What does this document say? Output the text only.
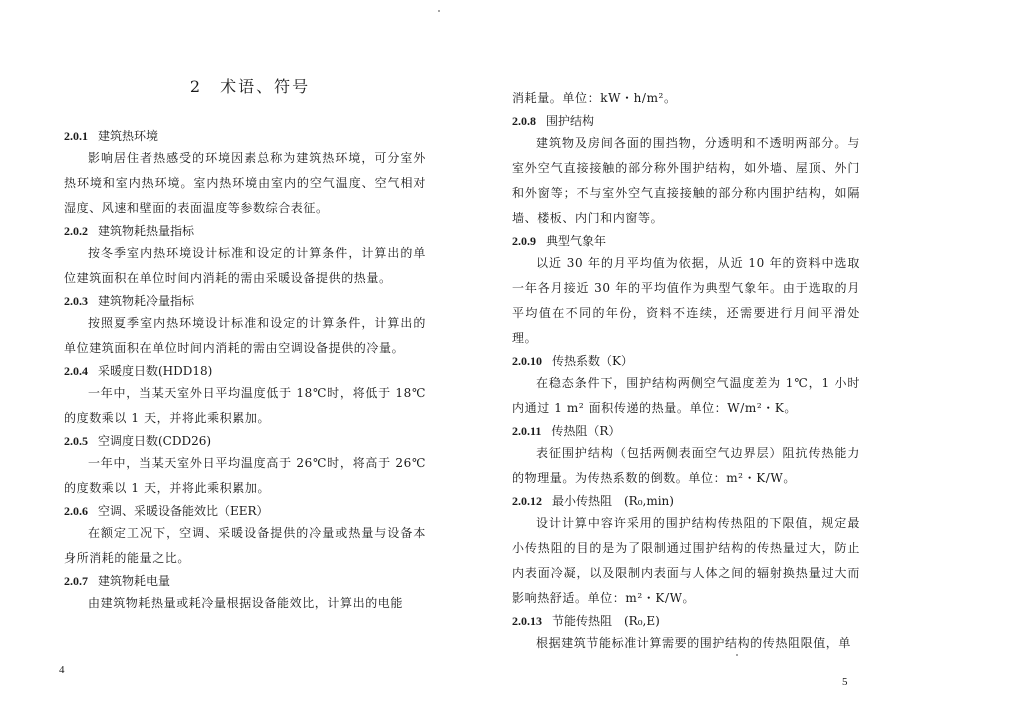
2　术语、符号

2.0.1 建筑热环境

影响居住者热感受的环境因素总称为建筑热环境，可分室外热环境和室内热环境。室内热环境由室内的空气温度、空气相对湿度、风速和壁面的表面温度等参数综合表征。

2.0.2 建筑物耗热量指标

按冬季室内热环境设计标准和设定的计算条件，计算出的单位建筑面积在单位时间内消耗的需由采暖设备提供的热量。

2.0.3 建筑物耗冷量指标

按照夏季室内热环境设计标准和设定的计算条件，计算出的单位建筑面积在单位时间内消耗的需由空调设备提供的冷量。

2.0.4 采暖度日数(HDD18)

一年中，当某天室外日平均温度低于 18℃时，将低于 18℃的度数乘以 1 天，并将此乘积累加。

2.0.5 空调度日数(CDD26)

一年中，当某天室外日平均温度高于 26℃时，将高于 26℃的度数乘以 1 天，并将此乘积累加。

2.0.6 空调、采暖设备能效比（EER）

在额定工况下，空调、采暖设备提供的冷量或热量与设备本身所消耗的能量之比。

2.0.7 建筑物耗电量

由建筑物耗热量或耗冷量根据设备能效比，计算出的电能

4

消耗量。单位：kW・h/m²。

2.0.8 围护结构

建筑物及房间各面的围挡物，分透明和不透明两部分。与室外空气直接接触的部分称外围护结构，如外墙、屋顶、外门和外窗等；不与室外空气直接接触的部分称内围护结构，如隔墙、楼板、内门和内窗等。

2.0.9 典型气象年

以近 30 年的月平均值为依据，从近 10 年的资料中选取一年各月接近 30 年的平均值作为典型气象年。由于选取的月平均值在不同的年份，资料不连续，还需要进行月间平滑处理。

2.0.10 传热系数（K）

在稳态条件下，围护结构两侧空气温度差为 1℃，1 小时内通过 1 m² 面积传递的热量。单位：W/m²・K。

2.0.11 传热阻（R）

表征围护结构（包括两侧表面空气边界层）阻抗传热能力的物理量。为传热系数的倒数。单位：m²・K/W。

2.0.12 最小传热阻　(R₀,min)

设计计算中容许采用的围护结构传热阻的下限值，规定最小传热阻的目的是为了限制通过围护结构的传热量过大，防止内表面冷凝，以及限制内表面与人体之间的辐射换热量过大而影响热舒适。单位：m²・K/W。

2.0.13 节能传热阻　(R₀,E)

根据建筑节能标准计算需要的围护结构的传热阻限值，单

5
